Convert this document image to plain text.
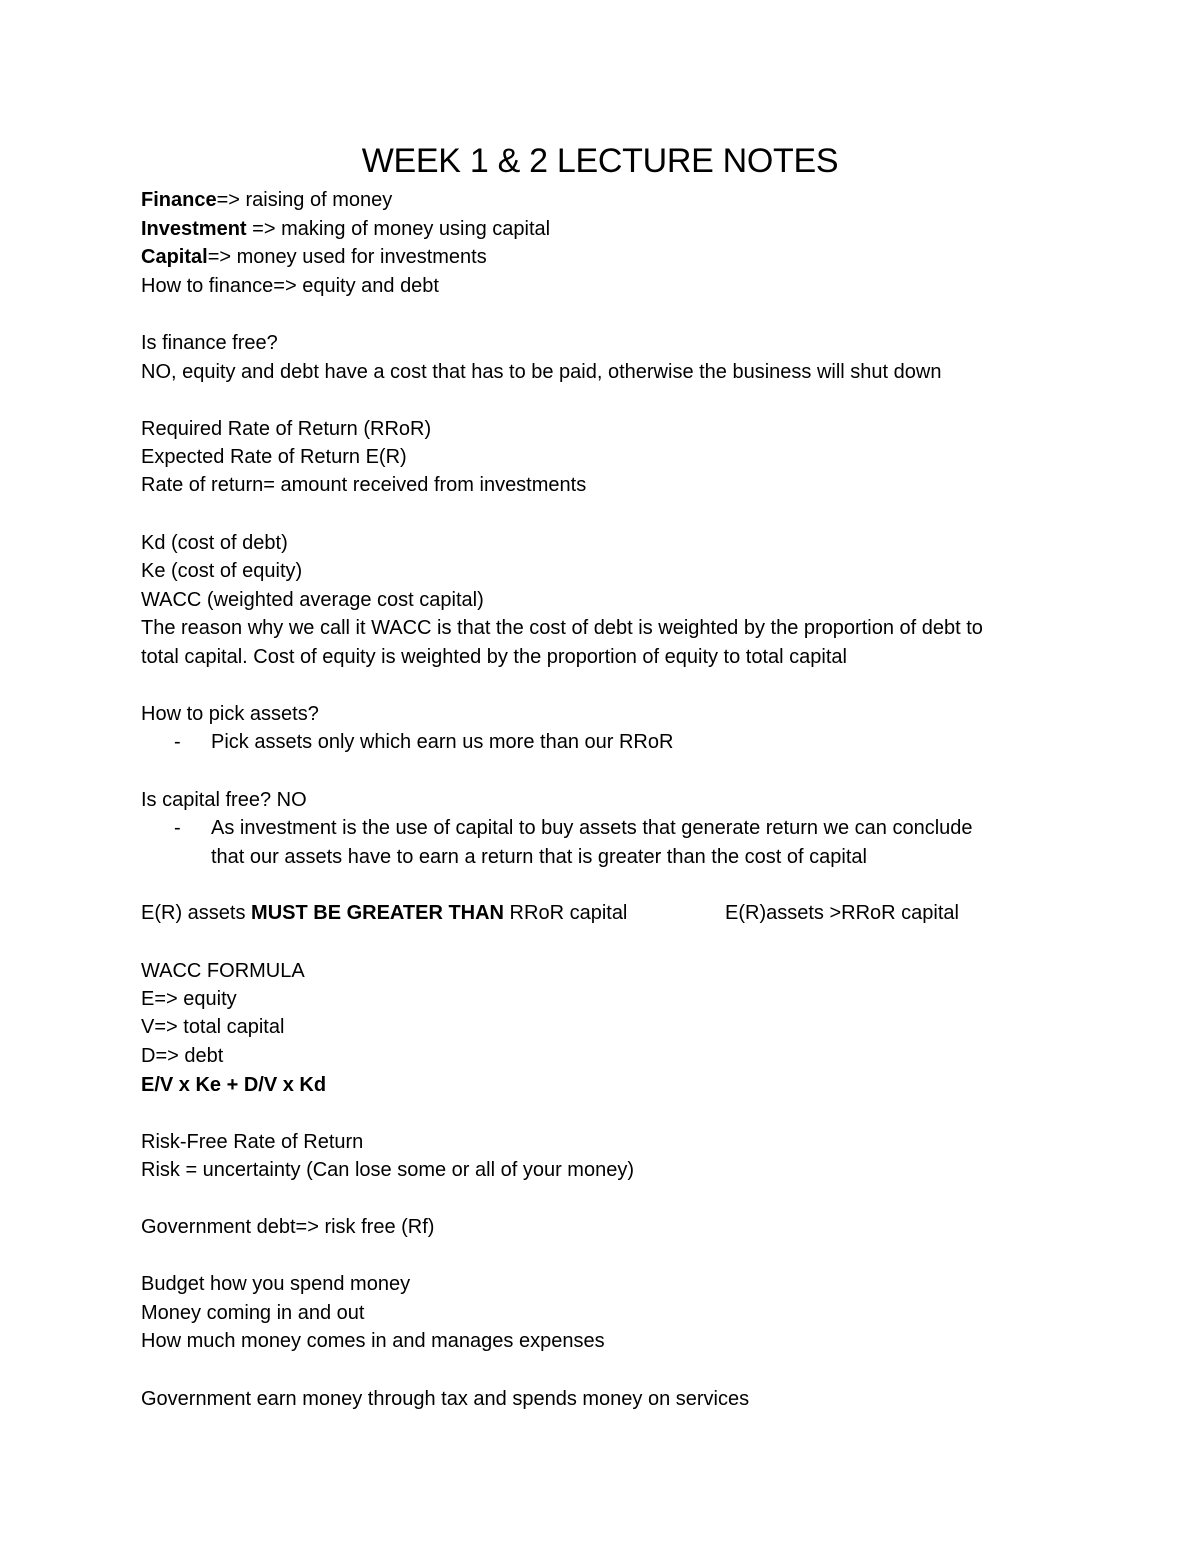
WEEK 1 & 2 LECTURE NOTES

Finance=> raising of money

Investment => making of money using capital

Capital=> money used for investments

How to finance=> equity and debt

Is finance free?

NO, equity and debt have a cost that has to be paid, otherwise the business will shut down

Required Rate of Return (RRoR)

Expected Rate of Return E(R)

Rate of return= amount received from investments

Kd (cost of debt)

Ke (cost of equity)

WACC (weighted average cost capital)

The reason why we call it WACC is that the cost of debt is weighted by the proportion of debt to

total capital. Cost of equity is weighted by the proportion of equity to total capital

How to pick assets?

- Pick assets only which earn us more than our RRoR

Is capital free? NO

- As investment is the use of capital to buy assets that generate return we can conclude
that our assets have to earn a return that is greater than the cost of capital

E(R) assets MUST BE GREATER THAN RRoR capital	E(R)assets >RRoR capital

WACC FORMULA

E=> equity

V=> total capital

D=> debt

E/V x Ke + D/V x Kd

Risk-Free Rate of Return

Risk = uncertainty (Can lose some or all of your money)

Government debt=> risk free (Rf)

Budget how you spend money

Money coming in and out

How much money comes in and manages expenses

Government earn money through tax and spends money on services
